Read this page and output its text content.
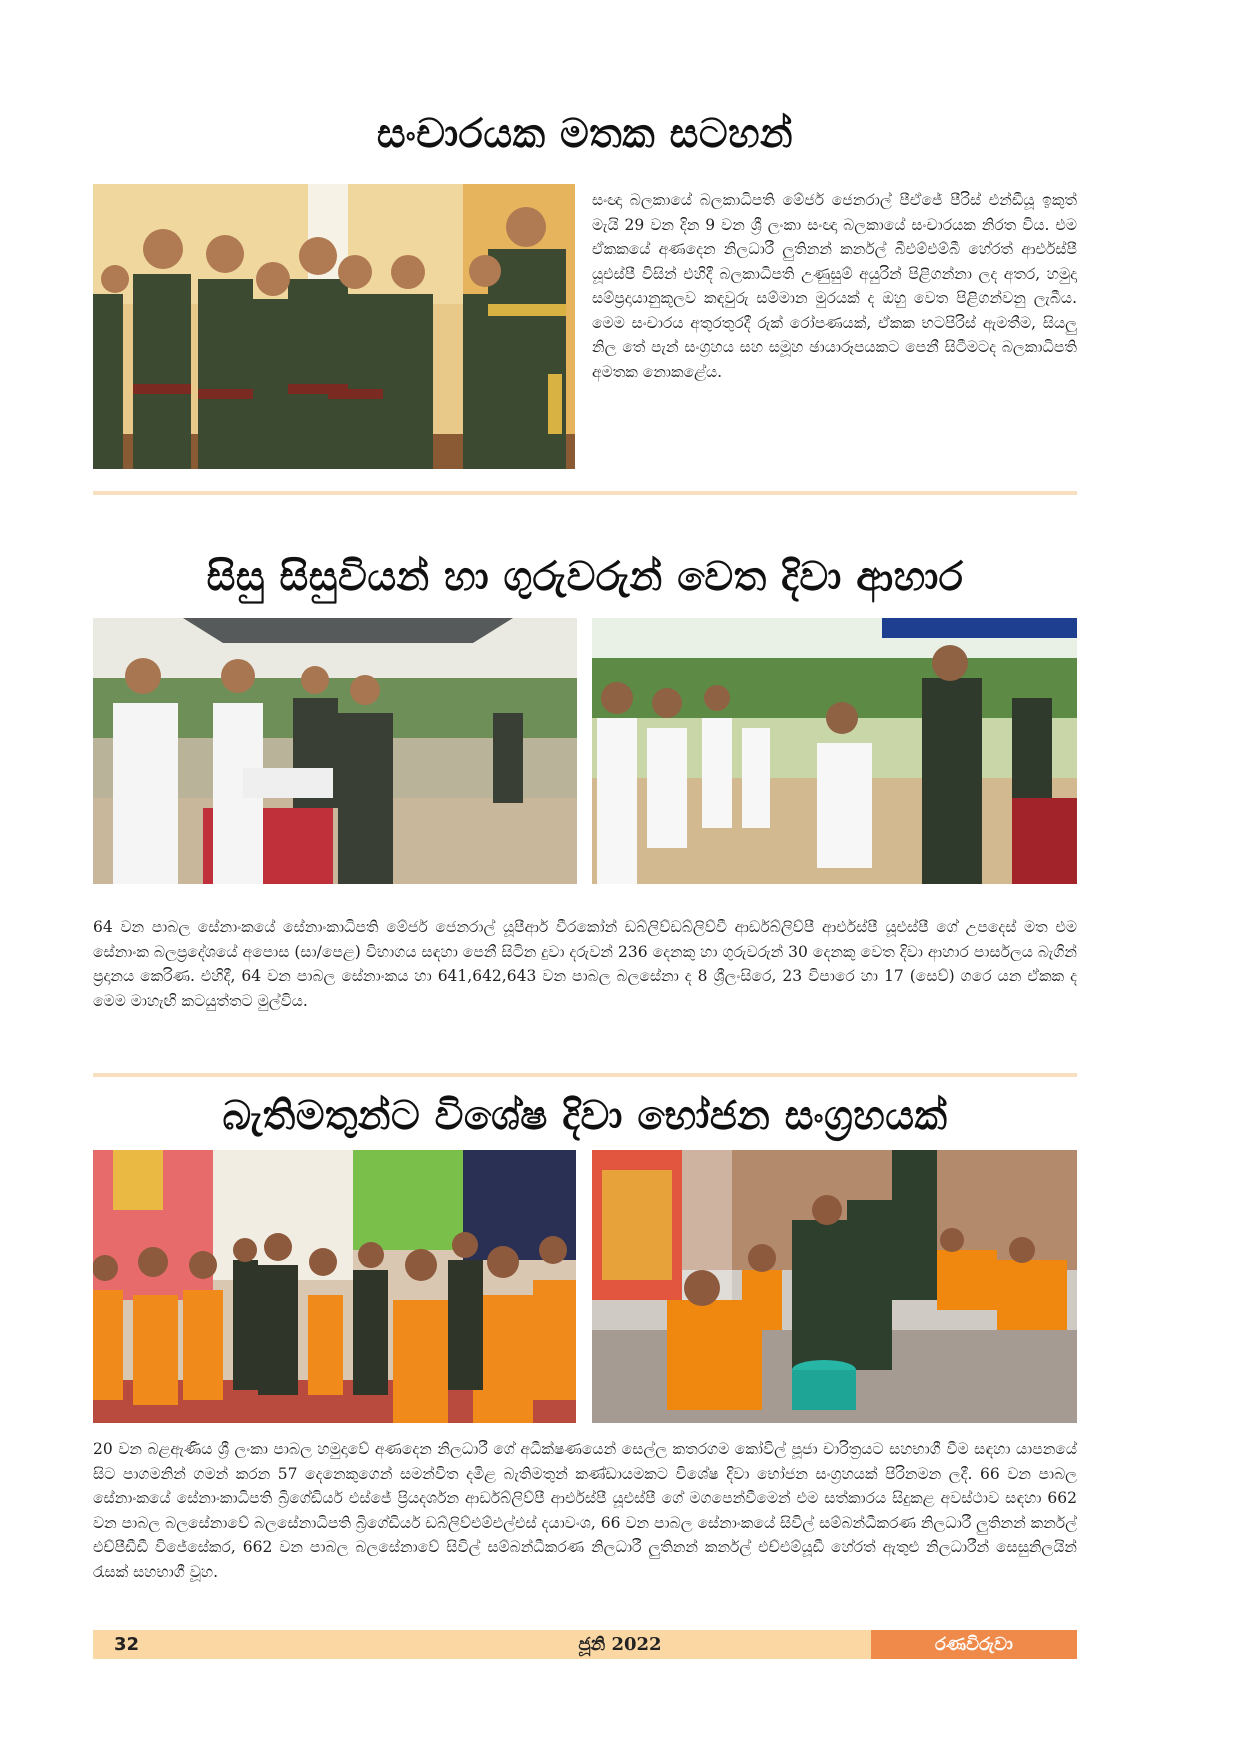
සංචාරයක මතක සටහන්

සංඥා බලකායේ බලකාධිපති මේජර් ජෙනරාල් පීඒජේ පීරිස් එන්ඩීයූ ඉකුත් මැයි 29 වන දින 9 වන ශ්‍රී ලංකා සංඥා බලකායේ සංචාරයක නිරත විය. එම ඒකකයේ අණදෙන නිලධාරී ලුතිනන් කර්නල් බීඑම්එම්බී හේරත් ආර්එස්පී යූඑස්පී විසින් එහිදී බලකාධිපති උණුසුම් අයුරින් පිළිගන්නා ලද අතර, හමුදා සම්ප්‍රදායානුකූලව කඳවුරු සම්මාන මුරයක් ද ඔහු වෙත පිළිගන්වනු ලැබීය. මෙම සංචාරය අතුරතුරදී රුක් රෝපණයක්, ඒකක භටපිරිස් ඇමතීම, සියලු නිල තේ පැන් සංග්‍රහය සහ සමූහ ඡායාරූපයකට පෙනී සිටීමටද බලකාධිපති අමතක නොකළේය.

සිසු සිසුවියන් හා ගුරුවරුන් වෙත දිවා ආහාර

64 වන පාබල සේනාංකයේ සේනාංකාධිපති මේජර් ජෙනරාල් යූපීආර් වීරකෝන් ඩබ්ලිව්ඩබ්ලිව්වී ආර්ඩබ්ලිව්පී ආර්එස්පී යූඑස්පී ගේ උපදෙස් මත එම සේනාංක බලප්‍රදේශයේ අපොස (සා/පෙළ) විභාගය සඳහා පෙනී සිටින දුවා දරුවන් 236 දෙනකු හා ගුරුවරුන් 30 දෙනකු වෙත දිවා ආහාර පාර්සලය බැගින් ප්‍රදානය කෙරිණ. එහිදී, 64 වන පාබල සේනාංකය හා 641,642,643 වන පාබල බලසේනා ද 8 ශ්‍රීලංසිරෙ, 23 විපාරෙ හා 17 (සෙව්) ගරෙ යන ඒකක ද මෙම මාහැඟි කටයුත්තට මුල්විය.

බැතිමතුන්ට විශේෂ දිවා භෝජන සංග්‍රහයක්

20 වන බළඇණිය ශ්‍රී ලංකා පාබල හමුදාවේ අණදෙන නිලධාරී ගේ අධීක්ෂණයෙන් සෙල්ල කතරගම කෝවිල් පූජා චාරිත්‍රයට සහභාගී වීම සඳහා යාපනයේ සිට පාගමනින් ගමන් කරන 57 දෙනෙකුගෙන් සමන්විත දමිළ බැතිමතුන් කණ්ඩායමකට විශේෂ දිවා භෝජන සංග්‍රහයක් පිරිනමන ලදී. 66 වන පාබල සේනාංකයේ සේනාංකාධිපති බ්‍රිගේඩියර් එස්ජේ ප්‍රියදර්ශන ආර්ඩබ්ලිව්පී ආර්එස්පී යූඑස්පී ගේ මගපෙන්වීමෙන් එම සත්කාරය සිදුකළ අවස්ථාව සඳහා 662 වන පාබල බලසේනාවේ බලසේනාධිපති බ්‍රිගේඩියර් ඩබ්ලිව්එම්එල්එස් දයාවංශ, 66 වන පාබල සේනාංකයේ සිවිල් සම්බන්ධීකරණ නිලධාරී ලුතිනන් කර්නල් එච්පීඩීඩී විජේසේකර, 662 වන පාබල බලසේනාවේ සිවිල් සම්බන්ධීකරණ නිලධාරී ලුතිනන් කර්නල් එච්එම්යූඩී හේරත් ඇතුළු නිලධාරීන් සෙසුනිලයින් රැසක් සහභාගී වූහ.

32	ජූනි 2022	රණවිරුවා
